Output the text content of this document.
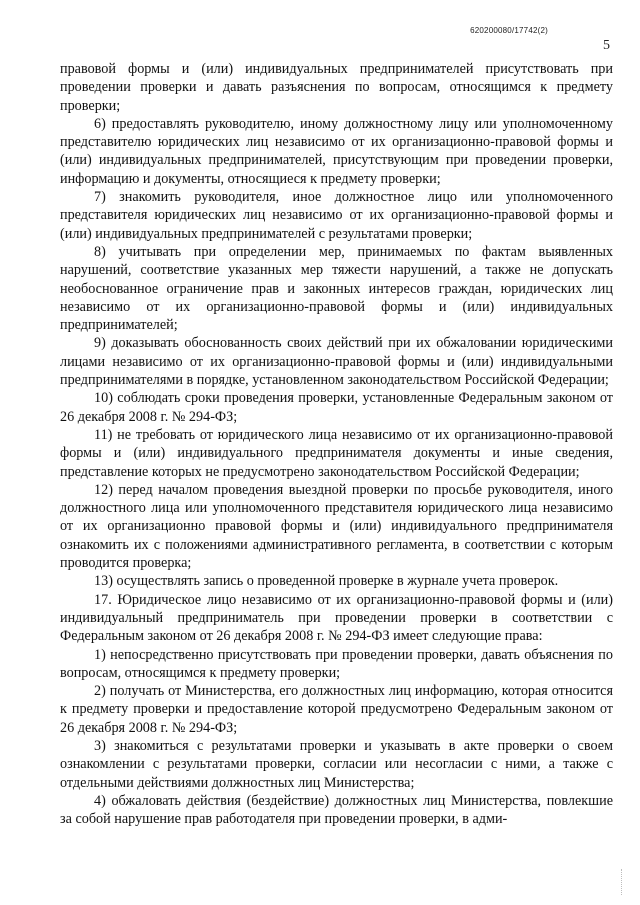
620200080/17742(2)
5

правовой формы и (или) индивидуальных предпринимателей присутствовать при проведении проверки и давать разъяснения по вопросам, относящимся к предмету проверки;

6) предоставлять руководителю, иному должностному лицу или уполномоченному представителю юридических лиц независимо от их организационно-правовой формы и (или) индивидуальных предпринимателей, присутствующим при проведении проверки, информацию и документы, относящиеся к предмету проверки;

7) знакомить руководителя, иное должностное лицо или уполномоченного представителя юридических лиц независимо от их организационно-правовой формы и (или) индивидуальных предпринимателей с результатами проверки;

8) учитывать при определении мер, принимаемых по фактам выявленных нарушений, соответствие указанных мер тяжести нарушений, а также не допускать необоснованное ограничение прав и законных интересов граждан, юридических лиц независимо от их организационно-правовой формы и (или) индивидуальных предпринимателей;

9) доказывать обоснованность своих действий при их обжаловании юридическими лицами независимо от их организационно-правовой формы и (или) индивидуальными предпринимателями в порядке, установленном законодательством Российской Федерации;

10) соблюдать сроки проведения проверки, установленные Федеральным законом от 26 декабря 2008 г. № 294-ФЗ;

11) не требовать от юридического лица независимо от их организационно-правовой формы и (или) индивидуального предпринимателя документы и иные сведения, представление которых не предусмотрено законодательством Российской Федерации;

12) перед началом проведения выездной проверки по просьбе руководителя, иного должностного лица или уполномоченного представителя юридического лица независимо от их организационно правовой формы и (или) индивидуального предпринимателя ознакомить их с положениями административного регламента, в соответствии с которым проводится проверка;

13) осуществлять запись о проведенной проверке в журнале учета проверок.

17. Юридическое лицо независимо от их организационно-правовой формы и (или) индивидуальный предприниматель при проведении проверки в соответствии с Федеральным законом от 26 декабря 2008 г. № 294-ФЗ имеет следующие права:

1) непосредственно присутствовать при проведении проверки, давать объяснения по вопросам, относящимся к предмету проверки;

2) получать от Министерства, его должностных лиц информацию, которая относится к предмету проверки и предоставление которой предусмотрено Федеральным законом от 26 декабря 2008 г. № 294-ФЗ;

3) знакомиться с результатами проверки и указывать в акте проверки о своем ознакомлении с результатами проверки, согласии или несогласии с ними, а также с отдельными действиями должностных лиц Министерства;

4) обжаловать действия (бездействие) должностных лиц Министерства, повлекшие за собой нарушение прав работодателя при проведении проверки, в адми-
